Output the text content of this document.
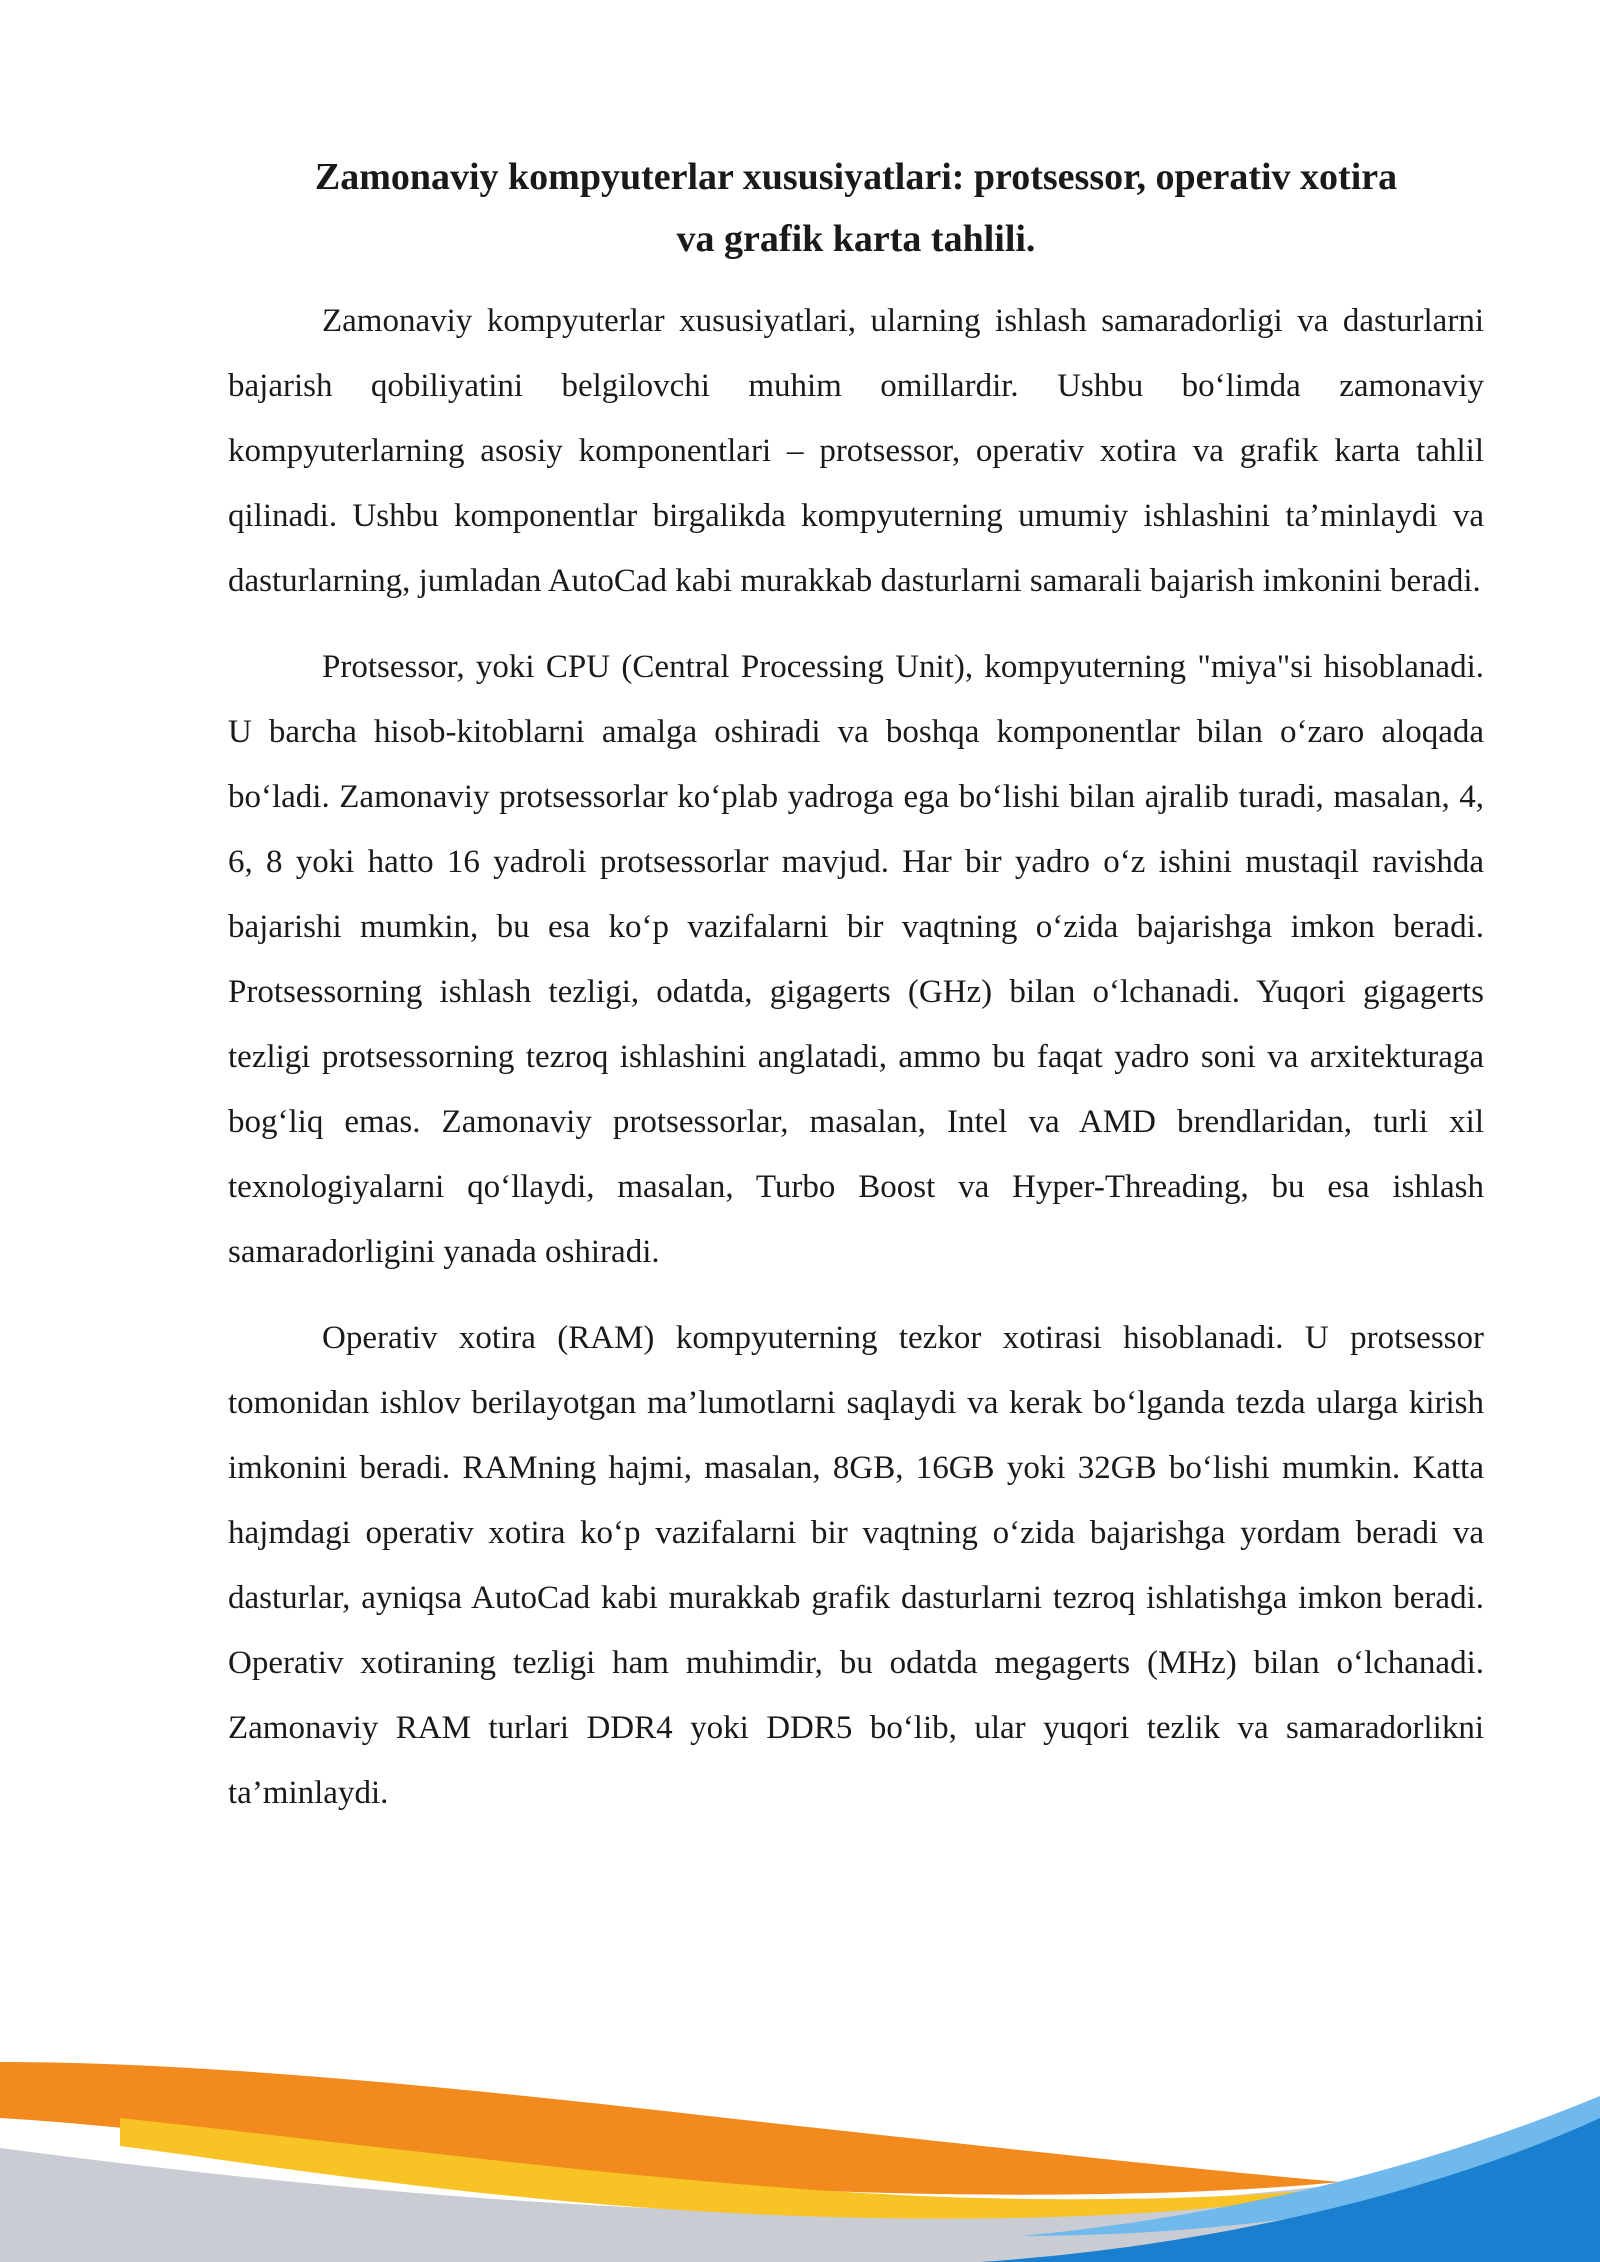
Zamonaviy kompyuterlar xususiyatlari: protsessor, operativ xotira
va grafik karta tahlili.

Zamonaviy kompyuterlar xususiyatlari, ularning ishlash samaradorligi va dasturlarni bajarish qobiliyatini belgilovchi muhim omillardir. Ushbu bo‘limda zamonaviy kompyuterlarning asosiy komponentlari – protsessor, operativ xotira va grafik karta tahlil qilinadi. Ushbu komponentlar birgalikda kompyuterning umumiy ishlashini ta’minlaydi va dasturlarning, jumladan AutoCad kabi murakkab dasturlarni samarali bajarish imkonini beradi.

Protsessor, yoki CPU (Central Processing Unit), kompyuterning "miya"si hisoblanadi. U barcha hisob-kitoblarni amalga oshiradi va boshqa komponentlar bilan o‘zaro aloqada bo‘ladi. Zamonaviy protsessorlar ko‘plab yadroga ega bo‘lishi bilan ajralib turadi, masalan, 4, 6, 8 yoki hatto 16 yadroli protsessorlar mavjud. Har bir yadro o‘z ishini mustaqil ravishda bajarishi mumkin, bu esa ko‘p vazifalarni bir vaqtning o‘zida bajarishga imkon beradi. Protsessorning ishlash tezligi, odatda, gigagerts (GHz) bilan o‘lchanadi. Yuqori gigagerts tezligi protsessorning tezroq ishlashini anglatadi, ammo bu faqat yadro soni va arxitekturaga bog‘liq emas. Zamonaviy protsessorlar, masalan, Intel va AMD brendlaridan, turli xil texnologiyalarni qo‘llaydi, masalan, Turbo Boost va Hyper-Threading, bu esa ishlash samaradorligini yanada oshiradi.

Operativ xotira (RAM) kompyuterning tezkor xotirasi hisoblanadi. U protsessor tomonidan ishlov berilayotgan ma’lumotlarni saqlaydi va kerak bo‘lganda tezda ularga kirish imkonini beradi. RAMning hajmi, masalan, 8GB, 16GB yoki 32GB bo‘lishi mumkin. Katta hajmdagi operativ xotira ko‘p vazifalarni bir vaqtning o‘zida bajarishga yordam beradi va dasturlar, ayniqsa AutoCad kabi murakkab grafik dasturlarni tezroq ishlatishga imkon beradi. Operativ xotiraning tezligi ham muhimdir, bu odatda megagerts (MHz) bilan o‘lchanadi. Zamonaviy RAM turlari DDR4 yoki DDR5 bo‘lib, ular yuqori tezlik va samaradorlikni ta’minlaydi.
